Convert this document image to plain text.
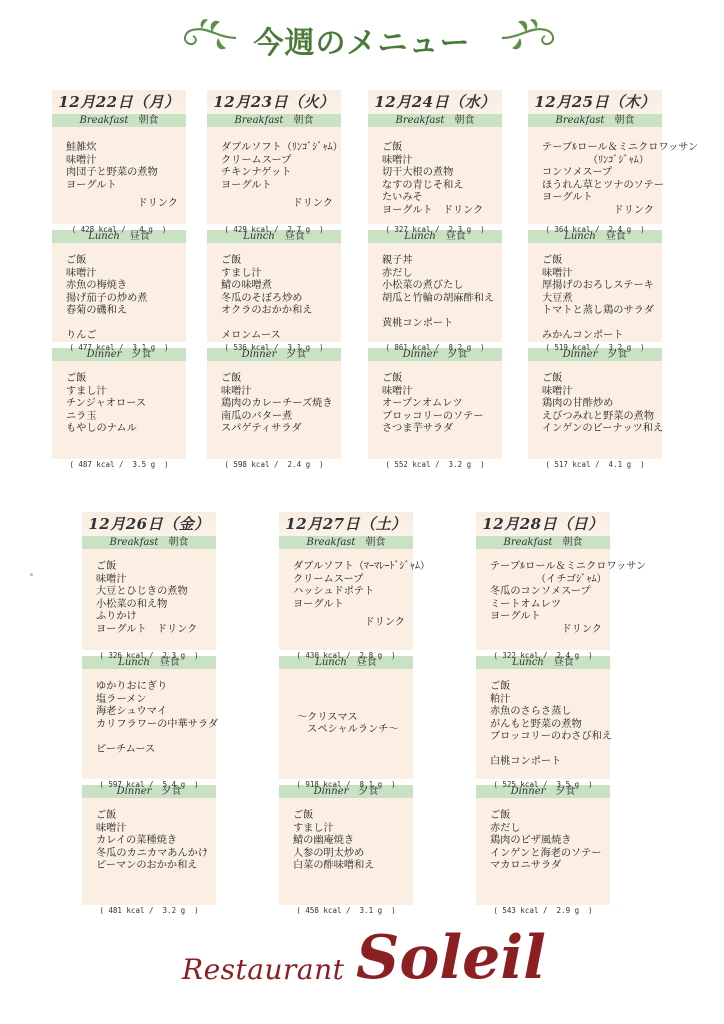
今週のメニュー
12月22日（月）
Breakfast 朝食
鮭雑炊
味噌汁
肉団子と野菜の煮物
ヨーグルト
ドリンク
( 428 kcal /   4 g  )
Lunch 昼食
ご飯
味噌汁
赤魚の梅焼き
揚げ茄子の炒め煮
春菊の磯和え
りんご
( 477 kcal /  3.1 g  )
Dinner 夕食
ご飯
すまし汁
チンジャオロース
ニラ玉
もやしのナムル
( 487 kcal /  3.5 g  )
12月23日（火）
Breakfast 朝食
ダブルソフト（ﾘﾝｺﾞｼﾞｬﾑ）
クリームスープ
チキンナゲット
ヨーグルト
ドリンク
( 429 kcal /  2.7 g  )
Lunch 昼食
ご飯
すまし汁
鯖の味噌煮
冬瓜のそぼろ炒め
オクラのおかか和え
メロンムース
( 536 kcal /  3.1 g  )
Dinner 夕食
ご飯
味噌汁
鶏肉のカレーチーズ焼き
南瓜のバター煮
スパゲティサラダ
( 598 kcal /  2.4 g  )
12月24日（水）
Breakfast 朝食
ご飯
味噌汁
切干大根の煮物
なすの青じそ和え
たいみそ
ヨーグルト　ドリンク
( 327 kcal /  2.3 g  )
Lunch 昼食
親子丼
赤だし
小松菜の煮びたし
胡瓜と竹輪の胡麻酢和え
黄桃コンポート
( 861 kcal /  8.2 g  )
Dinner 夕食
ご飯
味噌汁
オープンオムレツ
ブロッコリーのソテー
さつま芋サラダ
( 552 kcal /  3.2 g  )
12月25日（木）
Breakfast 朝食
テーブﾙロール＆ミニクロワッサン
　　　　　（ﾘﾝｺﾞｼﾞｬﾑ）
コンソメスープ
ほうれん草とツナのソテー
ヨーグルト
ドリンク
( 364 kcal /  2.4 g  )
Lunch 昼食
ご飯
味噌汁
厚揚げのおろしステーキ
大豆煮
トマトと蒸し鶏のサラダ
みかんコンポート
( 519 kcal /  3.2 g  )
Dinner 夕食
ご飯
味噌汁
鶏肉の甘酢炒め
えびつみれと野菜の煮物
インゲンのピーナッツ和え
( 517 kcal /  4.1 g  )
12月26日（金）
Breakfast 朝食
ご飯
味噌汁
大豆とひじきの煮物
小松菜の和え物
ふりかけ
ヨーグルト　ドリンク
( 326 kcal /  2.3 g  )
Lunch 昼食
ゆかりおにぎり
塩ラーメン
海老シュウマイ
カリフラワーの中華サラダ
ピーチムース
( 597 kcal /  5.4 g  )
Dinner 夕食
ご飯
味噌汁
カレイの菜種焼き
冬瓜のカニカマあんかけ
ピーマンのおかか和え
( 481 kcal /  3.2 g  )
12月27日（土）
Breakfast 朝食
ダブルソフト（ﾏｰﾏﾚｰﾄﾞｼﾞｬﾑ）
クリームスープ
ハッシュドポテト
ヨーグルト
ドリンク
( 430 kcal /  2.8 g  )
Lunch 昼食
～クリスマス
　スペシャルランチ～
( 918 kcal /  8.1 g  )
Dinner 夕食
ご飯
すまし汁
鯖の幽庵焼き
人参の明太炒め
白菜の酢味噌和え
( 458 kcal /  3.1 g  )
12月28日（日）
Breakfast 朝食
テーブﾙロール＆ミニクロワッサン
　　　　　（イチゴｼﾞｬﾑ）
冬瓜のコンソメスープ
ミートオムレツ
ヨーグルト
ドリンク
( 322 kcal /  2.4 g  )
Lunch 昼食
ご飯
粕汁
赤魚のさらさ蒸し
がんもと野菜の煮物
ブロッコリーのわさび和え
白桃コンポート
( 525 kcal /  3.5 g  )
Dinner 夕食
ご飯
赤だし
鶏肉のピザ風焼き
インゲンと海老のソテー
マカロニサラダ
( 543 kcal /  2.9 g  )
Restaurant Soleil
